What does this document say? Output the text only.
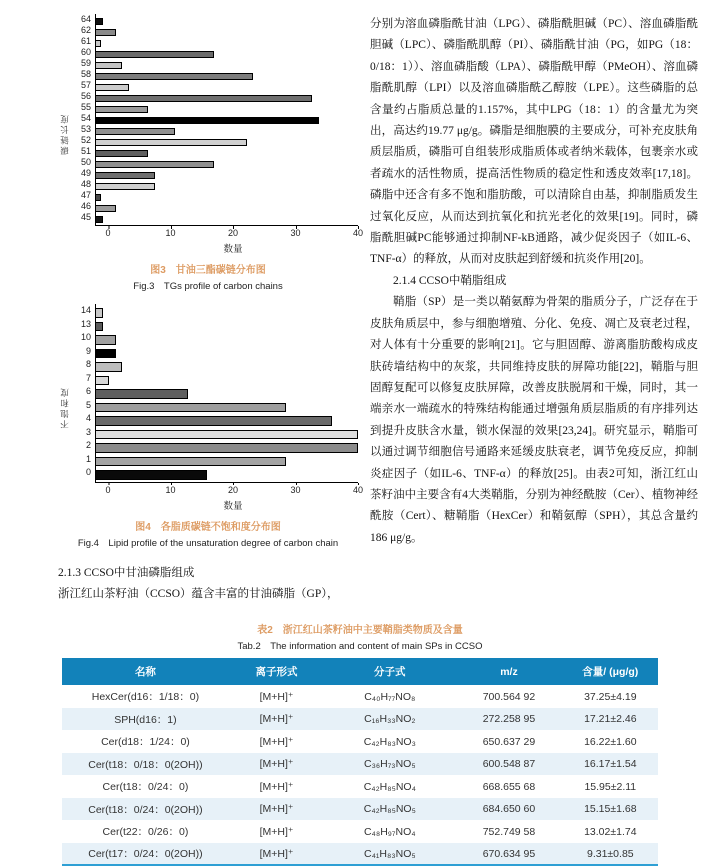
碳链长度
64
62
61
60
59
58
57
56
55
54
53
52
51
50
49
48
47
46
45
0	10	20	30	40
数量
图3　甘油三酯碳链分布图
Fig.3　TGs profile of carbon chains
不饱和度
14
13
10
9
8
7
6
5
4
3
2
1
0
0	10	20	30	40
数量
图4　各脂质碳链不饱和度分布图
Fig.4　Lipid profile of the unsaturation degree of carbon chain
2.1.3 CCSO中甘油磷脂组成
浙江红山茶籽油（CCSO）蕴含丰富的甘油磷脂（GP），
分别为溶血磷脂酰甘油（LPG）、磷脂酰胆碱（PC）、溶血磷脂酰胆碱（LPC）、磷脂酰肌醇（PI）、磷脂酰甘油（PG，如PG（18：0/18：1））、溶血磷脂酸（LPA）、磷脂酰甲醇（PMeOH）、溶血磷脂酰肌醇（LPI）以及溶血磷脂酰乙醇胺（LPE）。这些磷脂的总含量约占脂质总量的1.157%，其中LPG（18：1）的含量尤为突出，高达约19.77 μg/g。磷脂是细胞膜的主要成分，可补充皮肤角质层脂质，磷脂可自组装形成脂质体或者纳米载体，包裹亲水或者疏水的活性物质，提高活性物质的稳定性和透皮效率[17,18]。磷脂中还含有多不饱和脂肪酸，可以清除自由基，抑制脂质发生过氧化反应，从而达到抗氧化和抗光老化的效果[19]。同时，磷脂酰胆碱PC能够通过抑制NF-kB通路，减少促炎因子（如IL-6、TNF-α）的释放，从而对皮肤起到舒缓和抗炎作用[20]。
2.1.4 CCSO中鞘脂组成
鞘脂（SP）是一类以鞘氨醇为骨架的脂质分子，广泛存在于皮肤角质层中，参与细胞增殖、分化、免疫、凋亡及衰老过程，对人体有十分重要的影响[21]。它与胆固醇、游离脂肪酸构成皮肤砖墙结构中的灰浆，共同维持皮肤的屏障功能[22]，鞘脂与胆固醇复配可以修复皮肤屏障，改善皮肤脱屑和干燥，同时，其一端亲水一端疏水的特殊结构能通过增强角质层脂质的有序排列达到提升皮肤含水量，锁水保湿的效果[23,24]。研究显示，鞘脂可以通过调节细胞信号通路来延缓皮肤衰老，调节免疫反应，抑制炎症因子（如IL-6、TNF-α）的释放[25]。由表2可知，浙江红山茶籽油中主要含有4大类鞘脂，分别为神经酰胺（Cer）、植物神经酰胺（Cert）、糖鞘脂（HexCer）和鞘氨醇（SPH），其总含量约186 μg/g。
表2　浙江红山茶籽油中主要鞘脂类物质及含量
Tab.2　The information and content of main SPs in CCSO
名称	离子形式	分子式	m/z	含量/ (μg/g)
HexCer(d16：1/18：0)	[M+H]⁺	C₄₀H₇₇NO₈	700.564 92	37.25±4.19
SPH(d16：1)	[M+H]⁺	C₁₆H₃₃NO₂	272.258 95	17.21±2.46
Cer(d18：1/24：0)	[M+H]⁺	C₄₂H₈₃NO₃	650.637 29	16.22±1.60
Cer(t18：0/18：0(2OH))	[M+H]⁺	C₃₆H₇₃NO₅	600.548 87	16.17±1.54
Cer(t18：0/24：0)	[M+H]⁺	C₄₂H₈₅NO₄	668.655 68	15.95±2.11
Cer(t18：0/24：0(2OH))	[M+H]⁺	C₄₂H₈₅NO₅	684.650 60	15.15±1.68
Cer(t22：0/26：0)	[M+H]⁺	C₄₈H₉₇NO₄	752.749 58	13.02±1.74
Cer(t17：0/24：0(2OH))	[M+H]⁺	C₄₁H₈₃NO₅	670.634 95	9.31±0.85
